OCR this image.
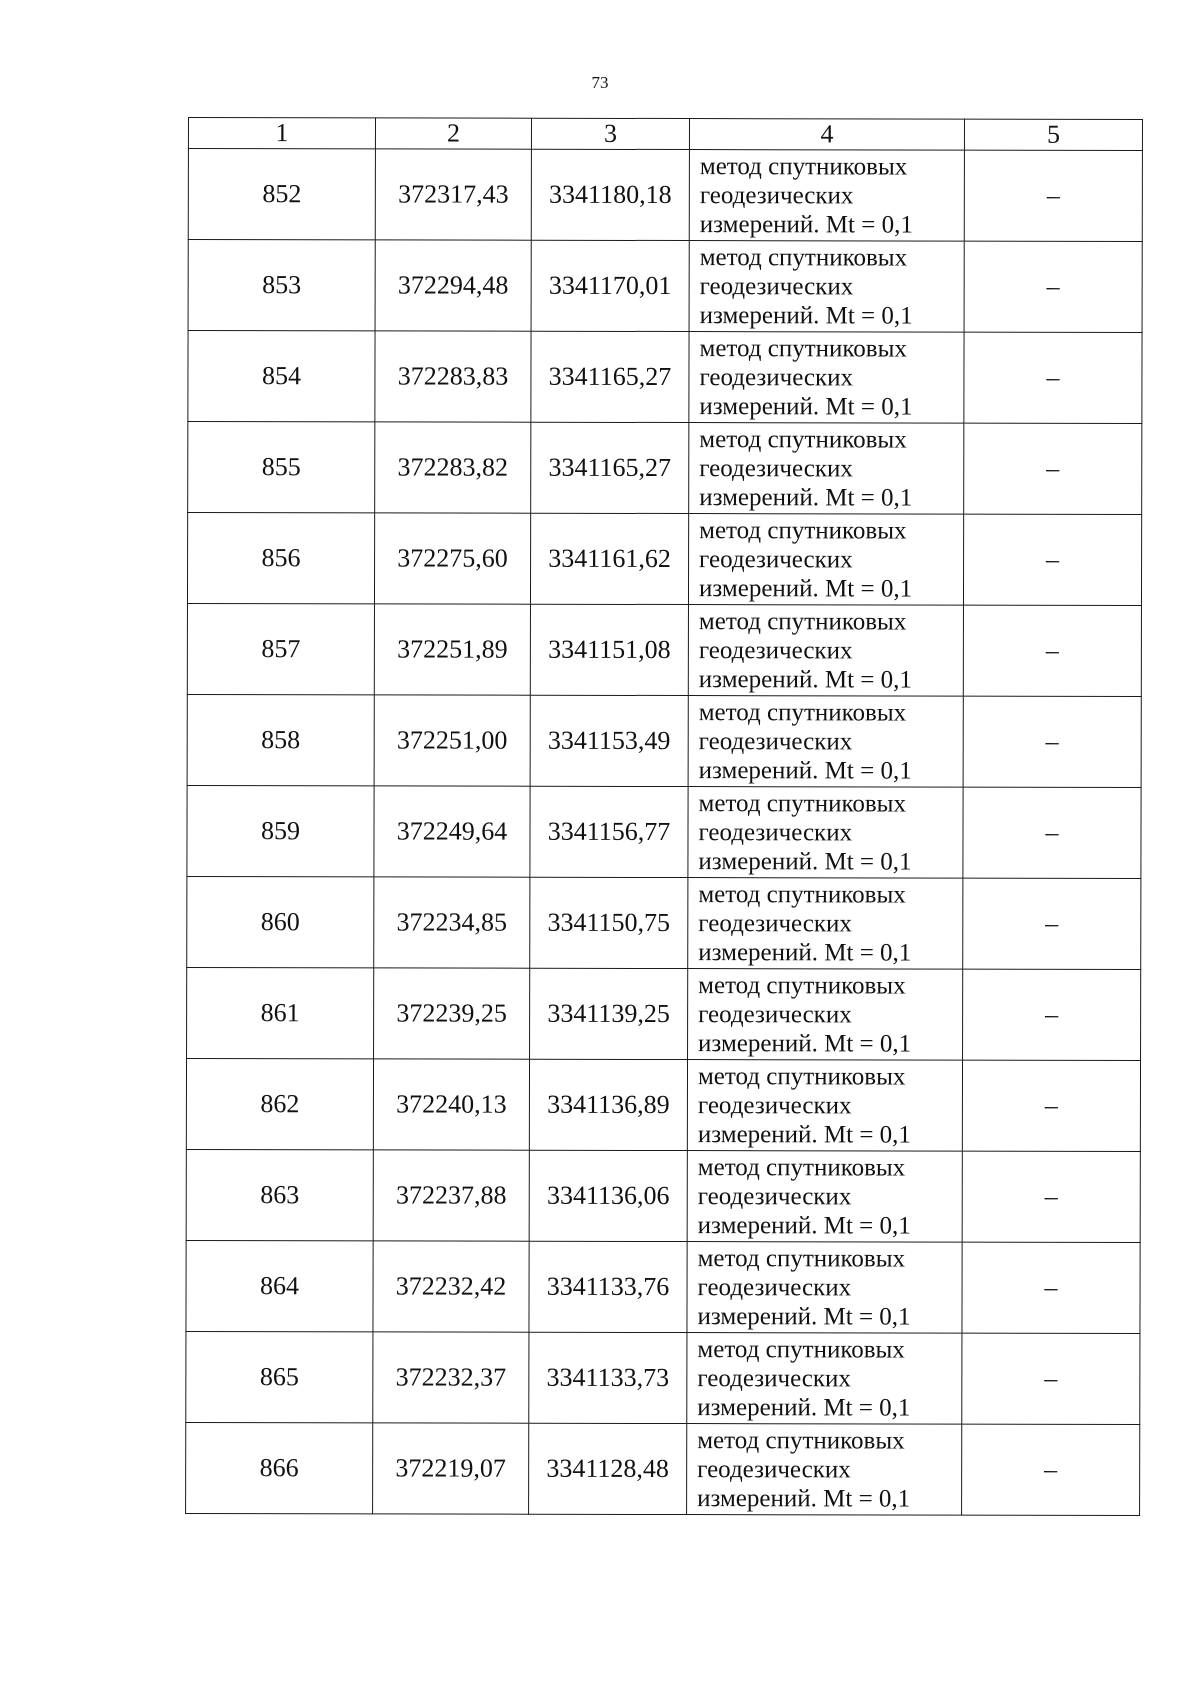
73
1	2	3	4	5
852	372317,43	3341180,18	метод спутниковых
геодезических
измерений. Mt = 0,1	–
853	372294,48	3341170,01	метод спутниковых
геодезических
измерений. Mt = 0,1	–
854	372283,83	3341165,27	метод спутниковых
геодезических
измерений. Mt = 0,1	–
855	372283,82	3341165,27	метод спутниковых
геодезических
измерений. Mt = 0,1	–
856	372275,60	3341161,62	метод спутниковых
геодезических
измерений. Mt = 0,1	–
857	372251,89	3341151,08	метод спутниковых
геодезических
измерений. Mt = 0,1	–
858	372251,00	3341153,49	метод спутниковых
геодезических
измерений. Mt = 0,1	–
859	372249,64	3341156,77	метод спутниковых
геодезических
измерений. Mt = 0,1	–
860	372234,85	3341150,75	метод спутниковых
геодезических
измерений. Mt = 0,1	–
861	372239,25	3341139,25	метод спутниковых
геодезических
измерений. Mt = 0,1	–
862	372240,13	3341136,89	метод спутниковых
геодезических
измерений. Mt = 0,1	–
863	372237,88	3341136,06	метод спутниковых
геодезических
измерений. Mt = 0,1	–
864	372232,42	3341133,76	метод спутниковых
геодезических
измерений. Mt = 0,1	–
865	372232,37	3341133,73	метод спутниковых
геодезических
измерений. Mt = 0,1	–
866	372219,07	3341128,48	метод спутниковых
геодезических
измерений. Mt = 0,1	–
